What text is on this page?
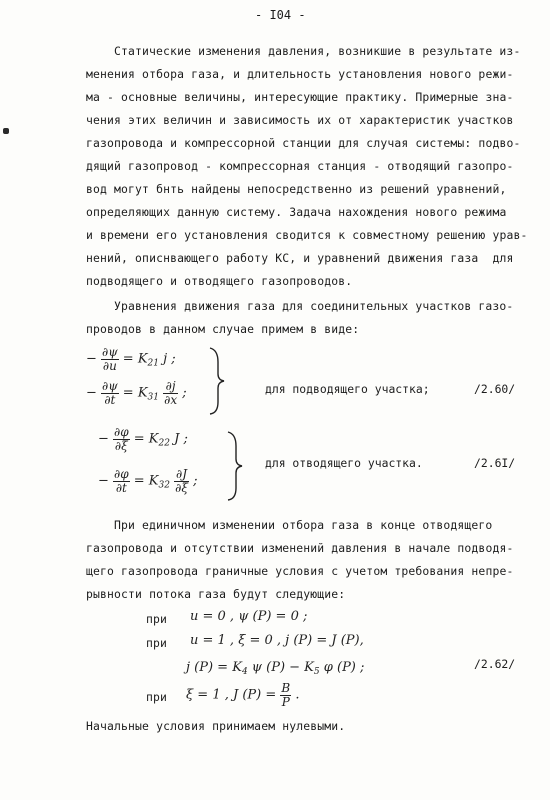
- I04 -
Статические изменения давления, возникшие в результате из-
менения отбора газа, и длительность установления нового режи-
ма - основные величины, интересующие практику. Примерные зна-
чения этих величин и зависимость их от характеристик участков
газопровода и компрессорной станции для случая системы: подво-
дящий газопровод - компрессорная станция - отводящий газопро-
вод могут бнть найдены непосредственно из решений уравнений,
определяющих данную систему. Задача нахождения нового режима
и времени его установления сводится к совместному решению урав-
нений, описнвающего работу КС, и уравнений движения газа  для
подводящего и отводящего газопроводов.
Уравнения движения газа для соединительных участков газо-
проводов в данном случае примем в виде:
− $\frac{\partial\psi}{\partial u} = K_{21}$ j ;
− $\frac{\partial\psi}{\partial t} = K_{31} \frac{\partial j}{\partial x}$ ;	для подводящего участка;	/2.60/
− $\frac{\partial\varphi}{\partial\xi} = K_{22}$ J ;
− $\frac{\partial\varphi}{\partial t} = K_{32} \frac{\partial J}{\partial\xi}$ ;
для отводящего участка.	/2.6I/
При единичном изменении отбора газа в конце отводящего
газопровода и отсутствии изменений давления в начале подводя-
щего газопровода граничные условия с учетом требования непре-
рывности потока газа будут следующие:
при u = 0 , ψ (P) = 0 ;
при u = 1 , ξ = 0 , j (P) = J (P),
j $(P) = K_4$ ψ $(P) - K_5$ φ (P) ;	/2.62/
при ξ = 1 , J $(P) = \frac{B}{P}$ .
Начальные условия принимаем нулевыми.
